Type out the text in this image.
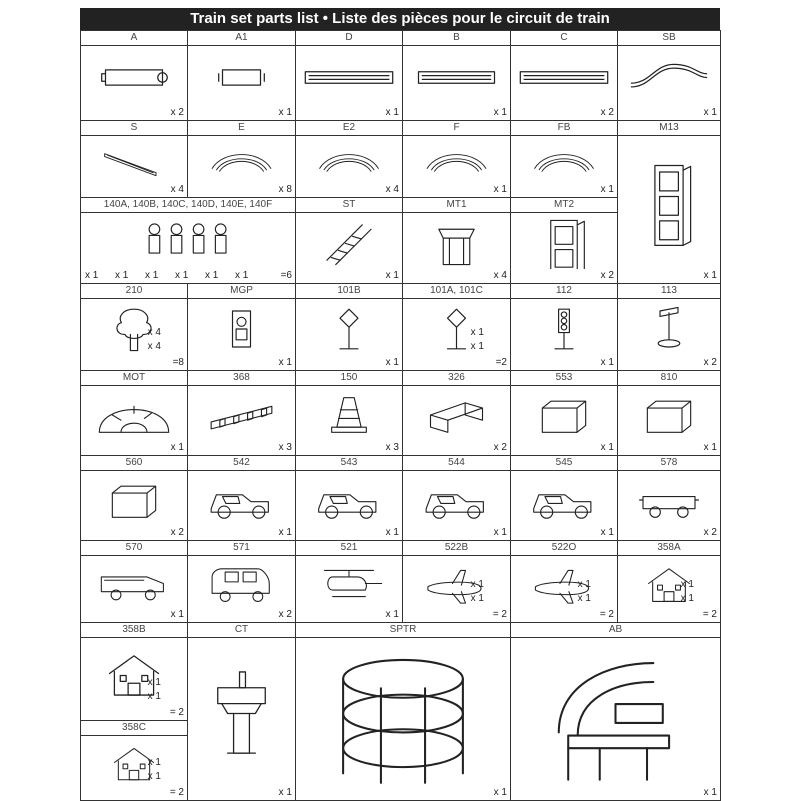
Train set parts list • Liste des pièces pour le circuit de train
A
x 2
A1
x 1
D
x 1
B
x 1
C
x 2
SB
x 1
S
x 4
E
x 8
E2
x 4
F
x 1
FB
x 1
M13
x 1
140A, 140B, 140C, 140D, 140E, 140F
x 1 x 1 x 1 x 1 x 1 x 1	=6
ST
x 1
MT1
x 4
MT2
x 2
210
x 4
x 4
=8
MGP
x 1
101B
x 1
101A, 101C
x 1
x 1
=2
112
x 1
113
x 2
MOT
x 1
368
x 3
150
x 3
326
x 2
553
x 1
810
x 1
560
x 2
542
x 1
543
x 1
544
x 1
545
x 1
578
x 2
570
x 1
571
x 2
521
x 1
522B
x 1
x 1
= 2
522O
x 1
x 1
= 2
358A
x 1
x 1
= 2
358B
x 1
x 1
= 2
358C
x 1
x 1
= 2
CT
x 1
SPTR
x 1
AB
x 1
